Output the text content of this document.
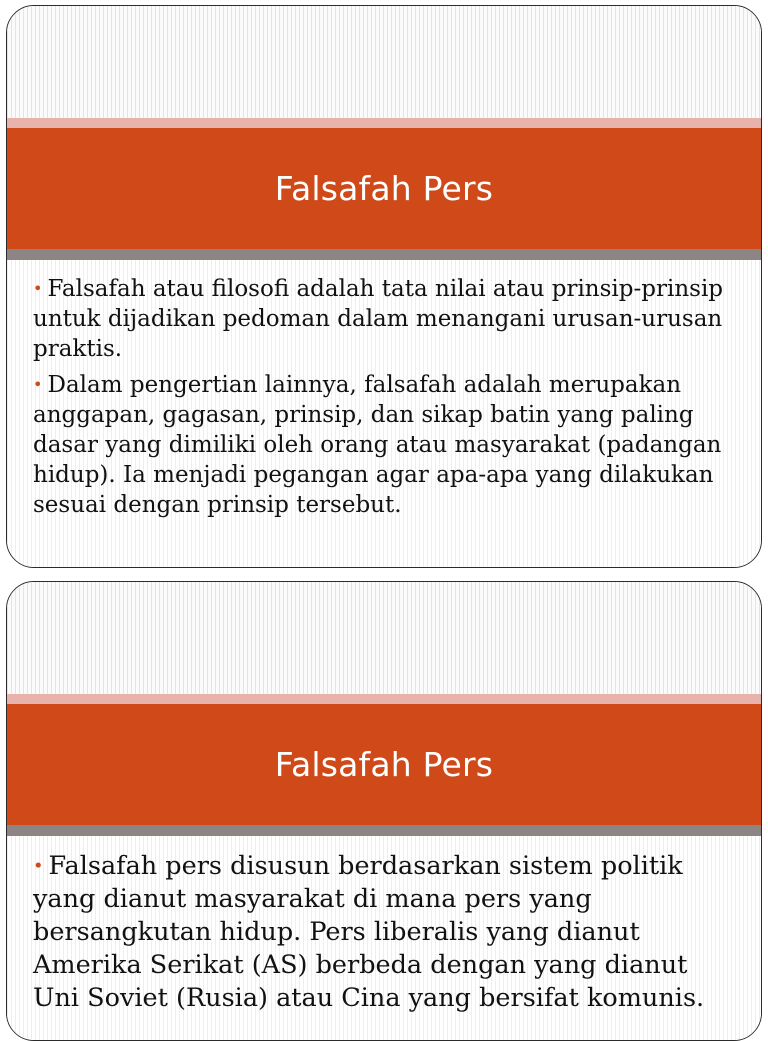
Falsafah Pers
• Falsafah atau filosofi adalah tata nilai atau prinsip-prinsip untuk dijadikan pedoman dalam menangani urusan-urusan praktis.
• Dalam pengertian lainnya, falsafah adalah merupakan anggapan, gagasan, prinsip, dan sikap batin yang paling dasar yang dimiliki oleh orang atau masyarakat (padangan hidup). Ia menjadi pegangan agar apa-apa yang dilakukan sesuai dengan prinsip tersebut.
Falsafah Pers
• Falsafah pers disusun berdasarkan sistem politik yang dianut masyarakat di mana pers yang bersangkutan hidup. Pers liberalis yang dianut Amerika Serikat (AS) berbeda dengan yang dianut Uni Soviet (Rusia) atau Cina yang bersifat komunis.
